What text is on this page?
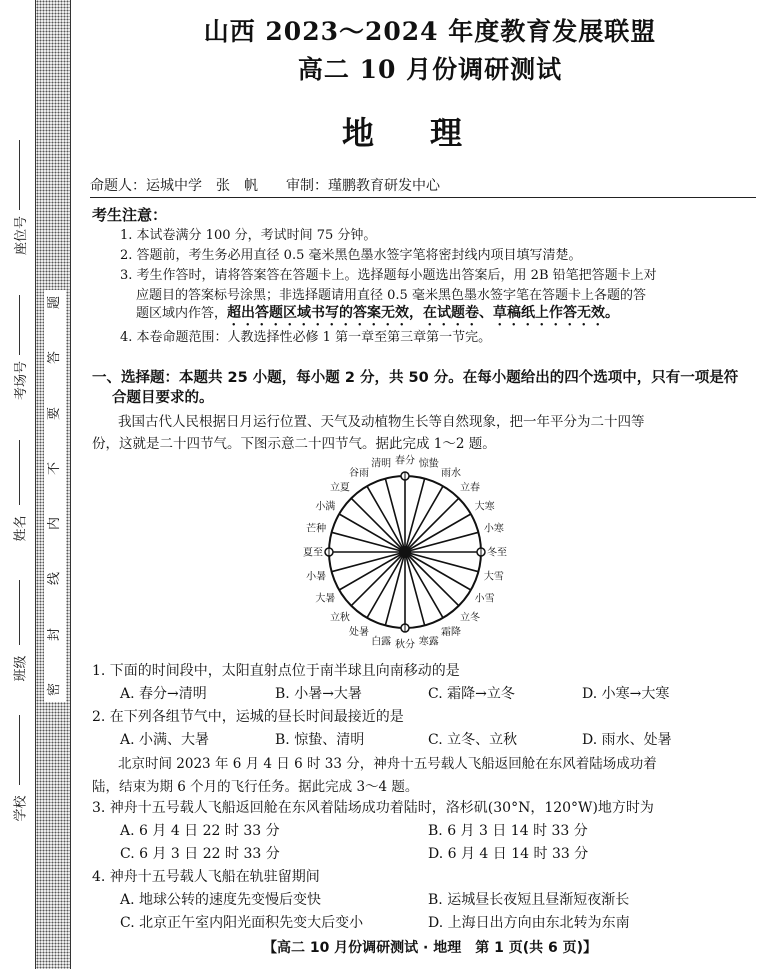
题
答
要
不
内
线
封
密
座位号
考场号
姓名
班级
学校
山西 2023～2024 年度教育发展联盟
高二 10 月份调研测试
地理
命题人：运城中学　张　帆　　审制：瑾鹏教育研发中心
考生注意：
1. 本试卷满分 100 分，考试时间 75 分钟。
2. 答题前，考生务必用直径 0.5 毫米黑色墨水签字笔将密封线内项目填写清楚。
3. 考生作答时，请将答案答在答题卡上。选择题每小题选出答案后，用 2B 铅笔把答题卡上对
应题目的答案标号涂黑；非选择题请用直径 0.5 毫米黑色墨水签字笔在答题卡上各题的答
题区域内作答，超出答题区域书写的答案无效，在试题卷、草稿纸上作答无效。
4. 本卷命题范围：人教选择性必修 1 第一章至第三章第一节完。
一、选择题：本题共 25 小题，每小题 2 分，共 50 分。在每小题给出的四个选项中，只有一项是符
合题目要求的。
我国古代人民根据日月运行位置、天气及动植物生长等自然现象，把一年平分为二十四等
份，这就是二十四节气。下图示意二十四节气。据此完成 1～2 题。
春分
清明
谷雨
立夏
小满
芒种
夏至
小暑
大暑
立秋
处暑
白露 秋分 寒露
霜降
立冬
小雪
大雪
冬至
小寒
大寒
立春
雨水
惊蛰
1. 下面的时间段中，太阳直射点位于南半球且向南移动的是
A. 春分→清明	B. 小暑→大暑	C. 霜降→立冬	D. 小寒→大寒
2. 在下列各组节气中，运城的昼长时间最接近的是
A. 小满、大暑	B. 惊蛰、清明	C. 立冬、立秋	D. 雨水、处暑
北京时间 2023 年 6 月 4 日 6 时 33 分，神舟十五号载人飞船返回舱在东风着陆场成功着
陆，结束为期 6 个月的飞行任务。据此完成 3～4 题。
3. 神舟十五号载人飞船返回舱在东风着陆场成功着陆时，洛杉矶(30°N，120°W)地方时为
A. 6 月 4 日 22 时 33 分	B. 6 月 3 日 14 时 33 分
C. 6 月 3 日 22 时 33 分	D. 6 月 4 日 14 时 33 分
4. 神舟十五号载人飞船在轨驻留期间
A. 地球公转的速度先变慢后变快	B. 运城昼长夜短且昼渐短夜渐长
C. 北京正午室内阳光面积先变大后变小	D. 上海日出方向由东北转为东南
【高二 10 月份调研测试 · 地理　第 1 页(共 6 页)】
